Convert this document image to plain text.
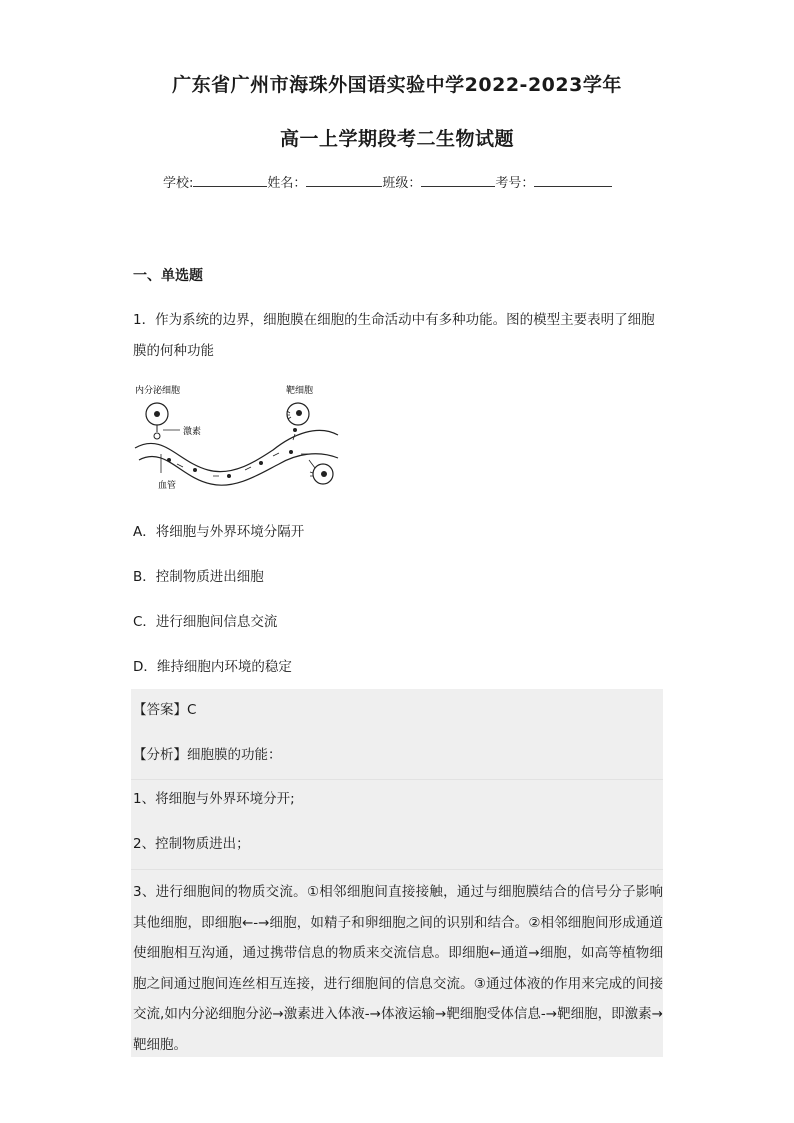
广东省广州市海珠外国语实验中学2022-2023学年
高一上学期段考二生物试题
学校:	姓名：	班级：	考号：
一、单选题
1．作为系统的边界，细胞膜在细胞的生命活动中有多种功能。图的模型主要表明了细胞膜的何种功能
内分泌细胞
激素
靶细胞
血管
A．将细胞与外界环境分隔开
B．控制物质进出细胞
C．进行细胞间信息交流
D．维持细胞内环境的稳定
【答案】C
【分析】细胞膜的功能：
1、将细胞与外界环境分开;
2、控制物质进出；
3、进行细胞间的物质交流。①相邻细胞间直接接触，通过与细胞膜结合的信号分子影响其他细胞，即细胞←-→细胞，如精子和卵细胞之间的识别和结合。②相邻细胞间形成通道使细胞相互沟通，通过携带信息的物质来交流信息。即细胞←通道→细胞，如高等植物细胞之间通过胞间连丝相互连接，进行细胞间的信息交流。③通过体液的作用来完成的间接交流,如内分泌细胞分泌→激素进入体液-→体液运输→靶细胞受体信息-→靶细胞，即激素→靶细胞。
